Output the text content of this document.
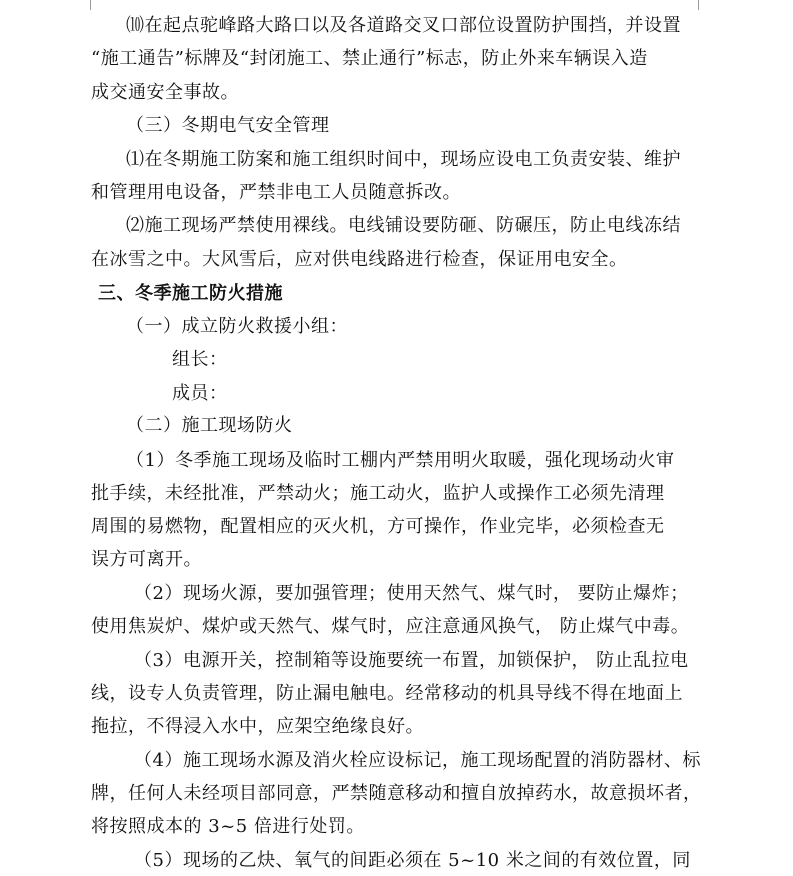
⑽在起点驼峰路大路口以及各道路交叉口部位设置防护围挡，并设置
“施工通告”标牌及“封闭施工、禁止通行”标志，防止外来车辆误入造
成交通安全事故。
（三）冬期电气安全管理
⑴在冬期施工防案和施工组织时间中，现场应设电工负责安装、维护
和管理用电设备，严禁非电工人员随意拆改。
⑵施工现场严禁使用裸线。电线铺设要防砸、防碾压，防止电线冻结
在冰雪之中。大风雪后，应对供电线路进行检查，保证用电安全。
三、冬季施工防火措施
（一）成立防火救援小组：
组长：
成员：
（二）施工现场防火
（1）冬季施工现场及临时工棚内严禁用明火取暖，强化现场动火审
批手续，未经批准，严禁动火；施工动火，监护人或操作工必须先清理
周围的易燃物，配置相应的灭火机，方可操作，作业完毕，必须检查无
误方可离开。
（2）现场火源，要加强管理；使用天然气、煤气时， 要防止爆炸；
使用焦炭炉、煤炉或天然气、煤气时，应注意通风换气， 防止煤气中毒。
（3）电源开关，控制箱等设施要统一布置，加锁保护， 防止乱拉电
线，设专人负责管理，防止漏电触电。经常移动的机具导线不得在地面上
拖拉，不得浸入水中，应架空绝缘良好。
（4）施工现场水源及消火栓应设标记，施工现场配置的消防器材、标
牌，任何人未经项目部同意，严禁随意移动和擅自放掉药水，故意损坏者，
将按照成本的 3~5 倍进行处罚。
（5）现场的乙炔、氧气的间距必须在 5~10 米之间的有效位置，同
